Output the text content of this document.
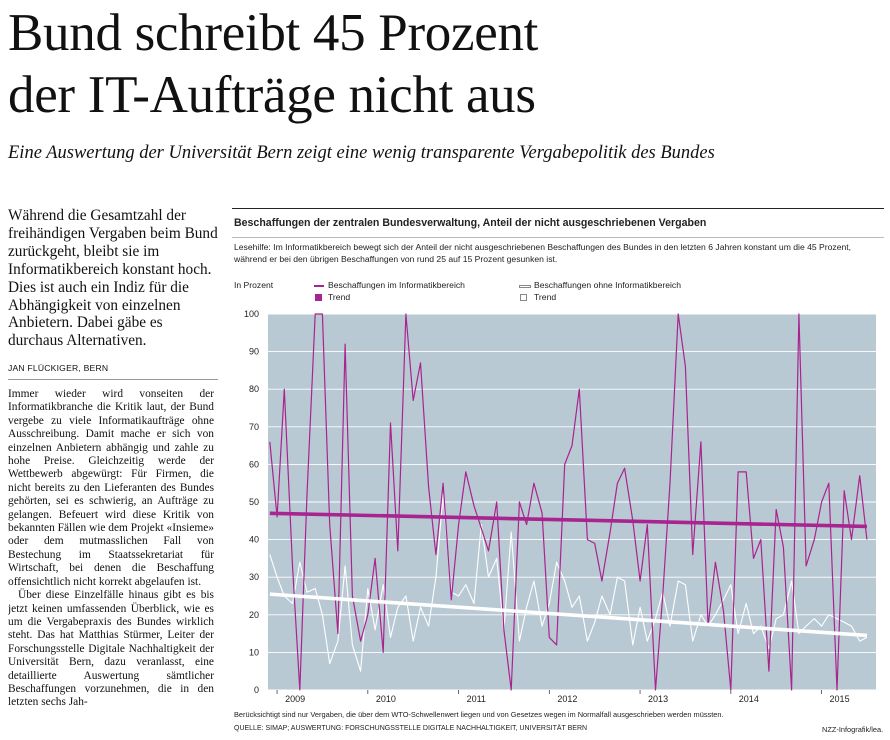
Bund schreibt 45 Prozent
der IT-Aufträge nicht aus

Eine Auswertung der Universität Bern zeigt eine wenig transparente Vergabepolitik des Bundes

Während die Gesamtzahl der freihändigen Vergaben beim Bund zurückgeht, bleibt sie im Informatikbereich konstant hoch. Dies ist auch ein Indiz für die Abhängigkeit von einzelnen Anbietern. Dabei gäbe es durchaus Alternativen.

JAN FLÜCKIGER, BERN

Immer wieder wird vonseiten der Informatikbranche die Kritik laut, der Bund vergebe zu viele Informatikaufträge ohne Ausschreibung. Damit mache er sich von einzelnen Anbietern abhängig und zahle zu hohe Preise. Gleichzeitig werde der Wettbewerb abgewürgt: Für Firmen, die nicht bereits zu den Lieferanten des Bundes gehörten, sei es schwierig, an Aufträge zu gelangen. Befeuert wird diese Kritik von bekannten Fällen wie dem Projekt «Insieme» oder dem mutmasslichen Fall von Bestechung im Staatssekretariat für Wirtschaft, bei denen die Beschaffung offensichtlich nicht korrekt abgelaufen ist.

Über diese Einzelfälle hinaus gibt es bis jetzt keinen umfassenden Überblick, wie es um die Vergabepraxis des Bundes wirklich steht. Das hat Matthias Stürmer, Leiter der Forschungsstelle Digitale Nachhaltigkeit der Universität Bern, dazu veranlasst, eine detaillierte Auswertung sämtlicher Beschaffungen vorzunehmen, die in den letzten sechs Jah-

Beschaffungen der zentralen Bundesverwaltung, Anteil der nicht ausgeschriebenen Vergaben

Lesehilfe: Im Informatikbereich bewegt sich der Anteil der nicht ausgeschriebenen Beschaffungen des Bundes in den letzten 6 Jahren konstant um die 45 Prozent,
während er bei den übrigen Beschaffungen von rund 25 auf 15 Prozent gesunken ist.

In Prozent	Beschaffungen im Informatikbereich
Trend
Beschaffungen ohne Informatikbereich
Trend
0
10
20
30
40
50
60
70
80
90
100
2009	2010	2011	2012	2013	2014	2015
Berücksichtigt sind nur Vergaben, die über dem WTO-Schwellenwert liegen und von Gesetzes wegen im Normalfall ausgeschrieben werden müssten.
QUELLE: SIMAP; AUSWERTUNG: FORSCHUNGSSTELLE DIGITALE NACHHALTIGKEIT, UNIVERSITÄT BERN	NZZ-Infografik/lea.
